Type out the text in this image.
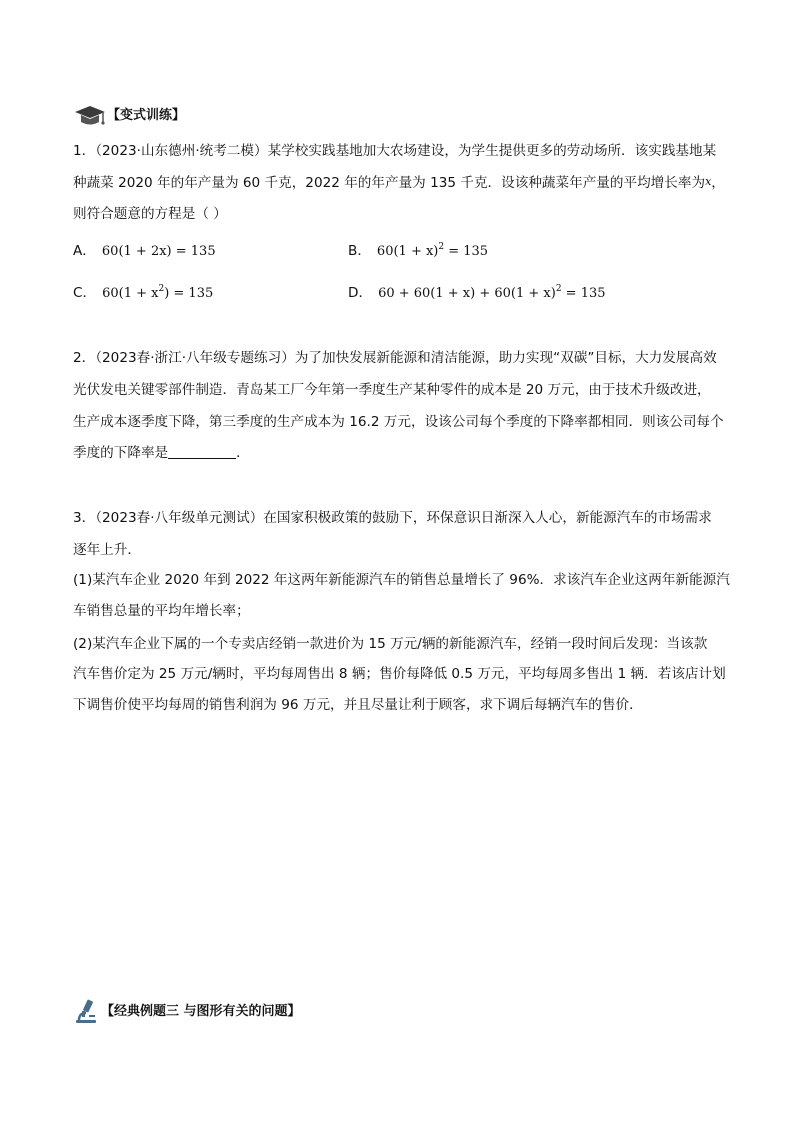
【变式训练】
1．（2023·山东德州·统考二模）某学校实践基地加大农场建设，为学生提供更多的劳动场所．该实践基地某
种蔬菜 2020 年的年产量为 60 千克，2022 年的年产量为 135 千克．设该种蔬菜年产量的平均增长率为x，
则符合题意的方程是（ ）
A． 60(1 + 2x) = 135	B． $60(1 + x)^2 = 135$
C． $60(1 + x^2) = 135$	D． $60 + 60(1 + x) + 60(1 + x)^2 = 135$
2．（2023春·浙江·八年级专题练习）为了加快发展新能源和清洁能源，助力实现“双碳”目标，大力发展高效
光伏发电关键零部件制造．青岛某工厂今年第一季度生产某种零件的成本是 20 万元，由于技术升级改进，
生产成本逐季度下降，第三季度的生产成本为 16.2 万元，设该公司每个季度的下降率都相同．则该公司每个
季度的下降率是	．
3．（2023春·八年级单元测试）在国家积极政策的鼓励下，环保意识日渐深入人心，新能源汽车的市场需求
逐年上升．
(1)某汽车企业 2020 年到 2022 年这两年新能源汽车的销售总量增长了 96%．求该汽车企业这两年新能源汽
车销售总量的平均年增长率；
(2)某汽车企业下属的一个专卖店经销一款进价为 15 万元/辆的新能源汽车，经销一段时间后发现：当该款
汽车售价定为 25 万元/辆时，平均每周售出 8 辆；售价每降低 0.5 万元，平均每周多售出 1 辆．若该店计划
下调售价使平均每周的销售利润为 96 万元，并且尽量让利于顾客，求下调后每辆汽车的售价．
【经典例题三 与图形有关的问题】
